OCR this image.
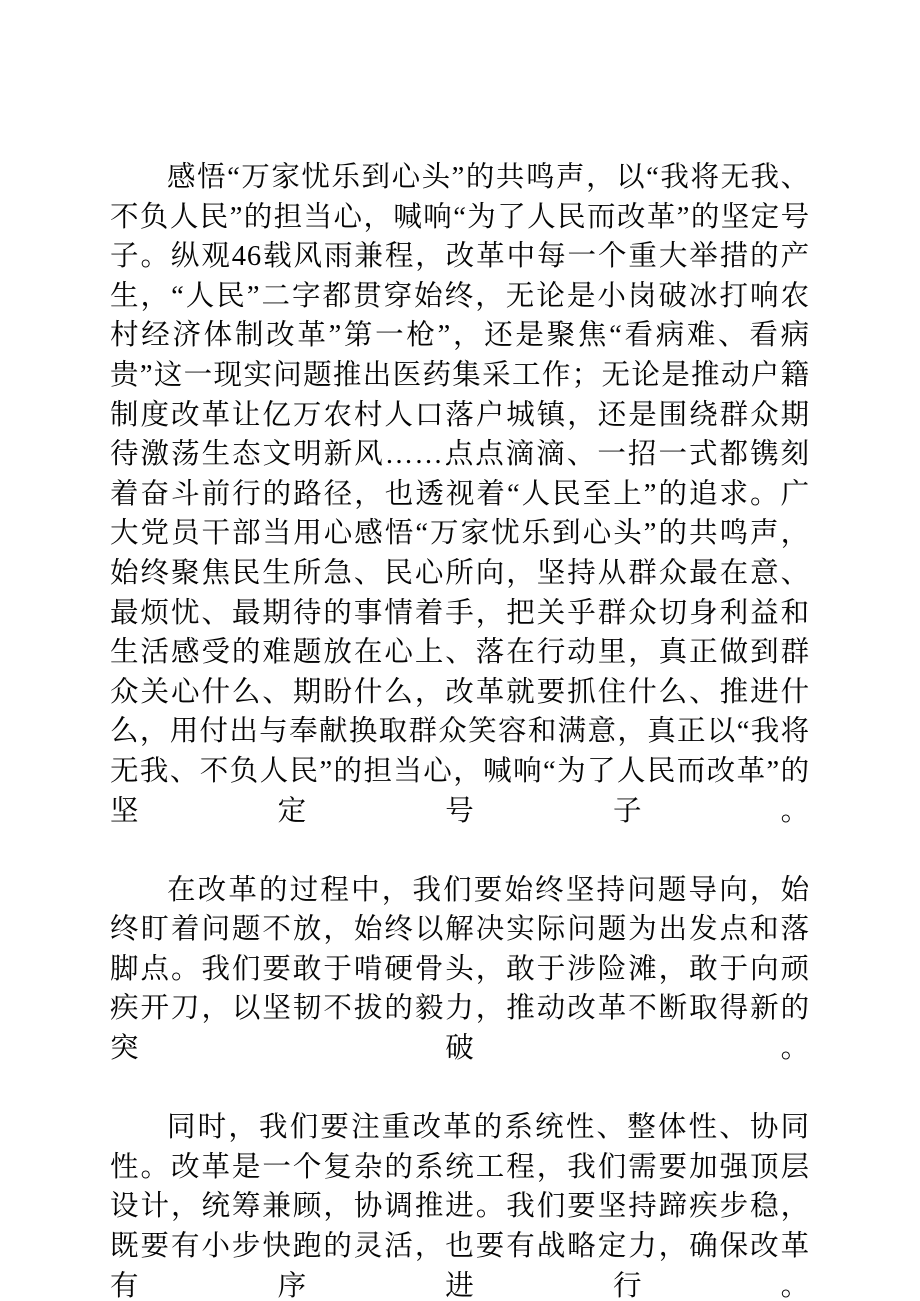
感悟“万家忧乐到心头”的共鸣声，以“我将无我、不负人民”的担当心，喊响“为了人民而改革”的坚定号子。纵观46载风雨兼程，改革中每一个重大举措的产生，“人民”二字都贯穿始终，无论是小岗破冰打响农村经济体制改革”第一枪”，还是聚焦“看病难、看病贵”这一现实问题推出医药集采工作；无论是推动户籍制度改革让亿万农村人口落户城镇，还是围绕群众期待激荡生态文明新风……点点滴滴、一招一式都镌刻着奋斗前行的路径，也透视着“人民至上”的追求。广大党员干部当用心感悟“万家忧乐到心头”的共鸣声，始终聚焦民生所急、民心所向，坚持从群众最在意、最烦忧、最期待的事情着手，把关乎群众切身利益和生活感受的难题放在心上、落在行动里，真正做到群众关心什么、期盼什么，改革就要抓住什么、推进什么，用付出与奉献换取群众笑容和满意，真正以“我将无我、不负人民”的担当心，喊响“为了人民而改革”的坚定号子。

在改革的过程中，我们要始终坚持问题导向，始终盯着问题不放，始终以解决实际问题为出发点和落脚点。我们要敢于啃硬骨头，敢于涉险滩，敢于向顽疾开刀，以坚韧不拔的毅力，推动改革不断取得新的突破。

同时，我们要注重改革的系统性、整体性、协同性。改革是一个复杂的系统工程，我们需要加强顶层设计，统筹兼顾，协调推进。我们要坚持蹄疾步稳，既要有小步快跑的灵活，也要有战略定力，确保改革有序进行。
